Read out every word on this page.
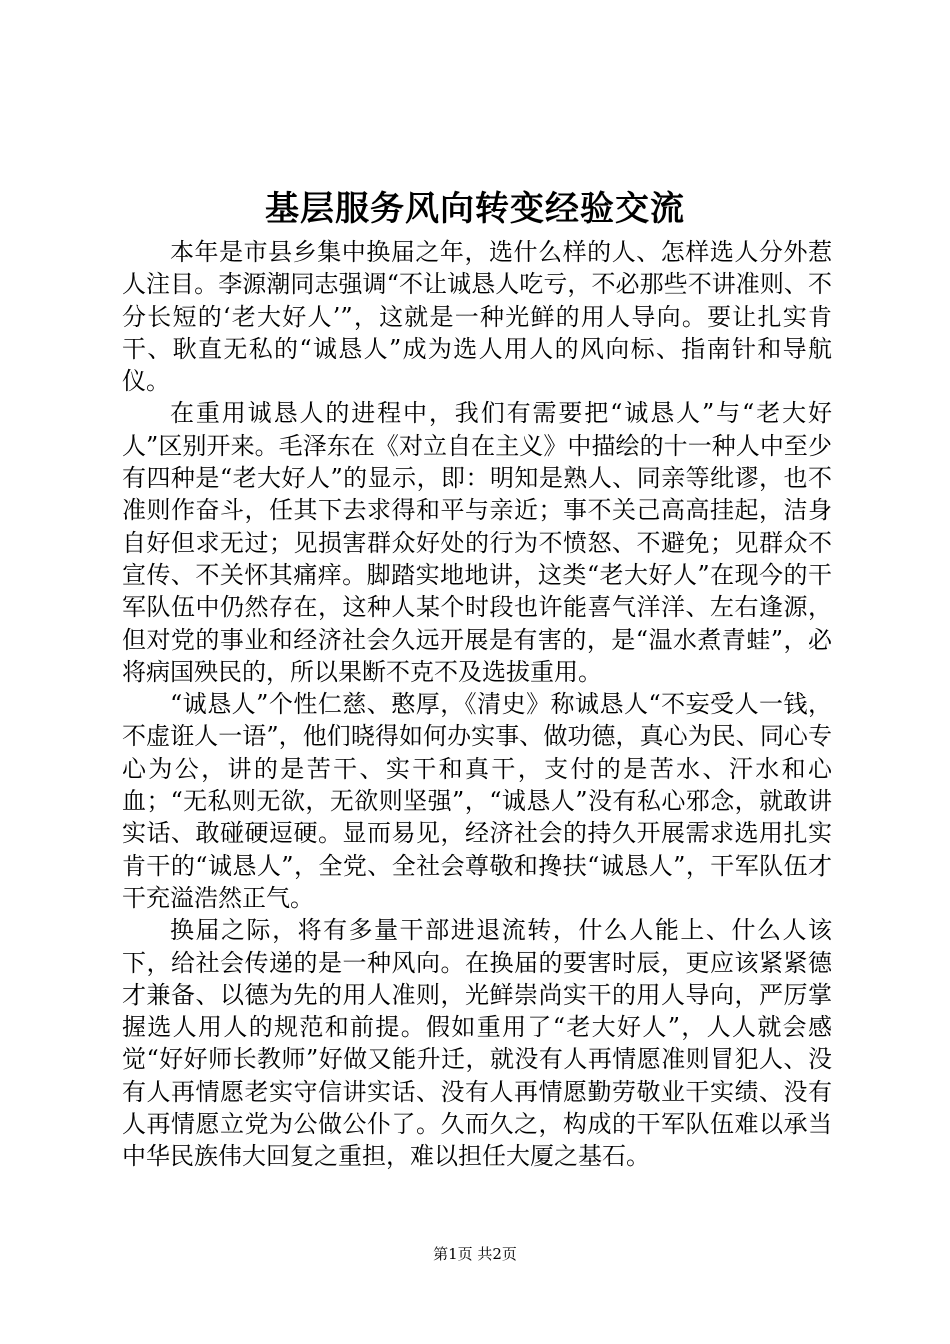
基层服务风向转变经验交流

本年是市县乡集中换届之年，选什么样的人、怎样选人分外惹人注目。李源潮同志强调“不让诚恳人吃亏，不必那些不讲准则、不分长短的‘老大好人’”，这就是一种光鲜的用人导向。要让扎实肯干、耿直无私的“诚恳人”成为选人用人的风向标、指南针和导航仪。

在重用诚恳人的进程中，我们有需要把“诚恳人”与“老大好人”区别开来。毛泽东在《对立自在主义》中描绘的十一种人中至少有四种是“老大好人”的显示，即：明知是熟人、同亲等纰谬，也不准则作奋斗，任其下去求得和平与亲近；事不关己高高挂起，洁身自好但求无过；见损害群众好处的行为不愤怒、不避免；见群众不宣传、不关怀其痛痒。脚踏实地地讲，这类“老大好人”在现今的干军队伍中仍然存在，这种人某个时段也许能喜气洋洋、左右逢源，但对党的事业和经济社会久远开展是有害的，是“温水煮青蛙”，必将病国殃民的，所以果断不克不及选拔重用。

“诚恳人”个性仁慈、憨厚，《清史》称诚恳人“不妄受人一钱，不虚诳人一语”，他们晓得如何办实事、做功德，真心为民、同心专心为公，讲的是苦干、实干和真干，支付的是苦水、汗水和心血；“无私则无欲，无欲则坚强”，“诚恳人”没有私心邪念，就敢讲实话、敢碰硬逗硬。显而易见，经济社会的持久开展需求选用扎实肯干的“诚恳人”，全党、全社会尊敬和搀扶“诚恳人”，干军队伍才干充溢浩然正气。

换届之际，将有多量干部进退流转，什么人能上、什么人该下，给社会传递的是一种风向。在换届的要害时辰，更应该紧紧德才兼备、以德为先的用人准则，光鲜崇尚实干的用人导向，严厉掌握选人用人的规范和前提。假如重用了“老大好人”，人人就会感觉“好好师长教师”好做又能升迁，就没有人再情愿准则冒犯人、没有人再情愿老实守信讲实话、没有人再情愿勤劳敬业干实绩、没有人再情愿立党为公做公仆了。久而久之，构成的干军队伍难以承当中华民族伟大回复之重担，难以担任大厦之基石。

第1页 共2页
